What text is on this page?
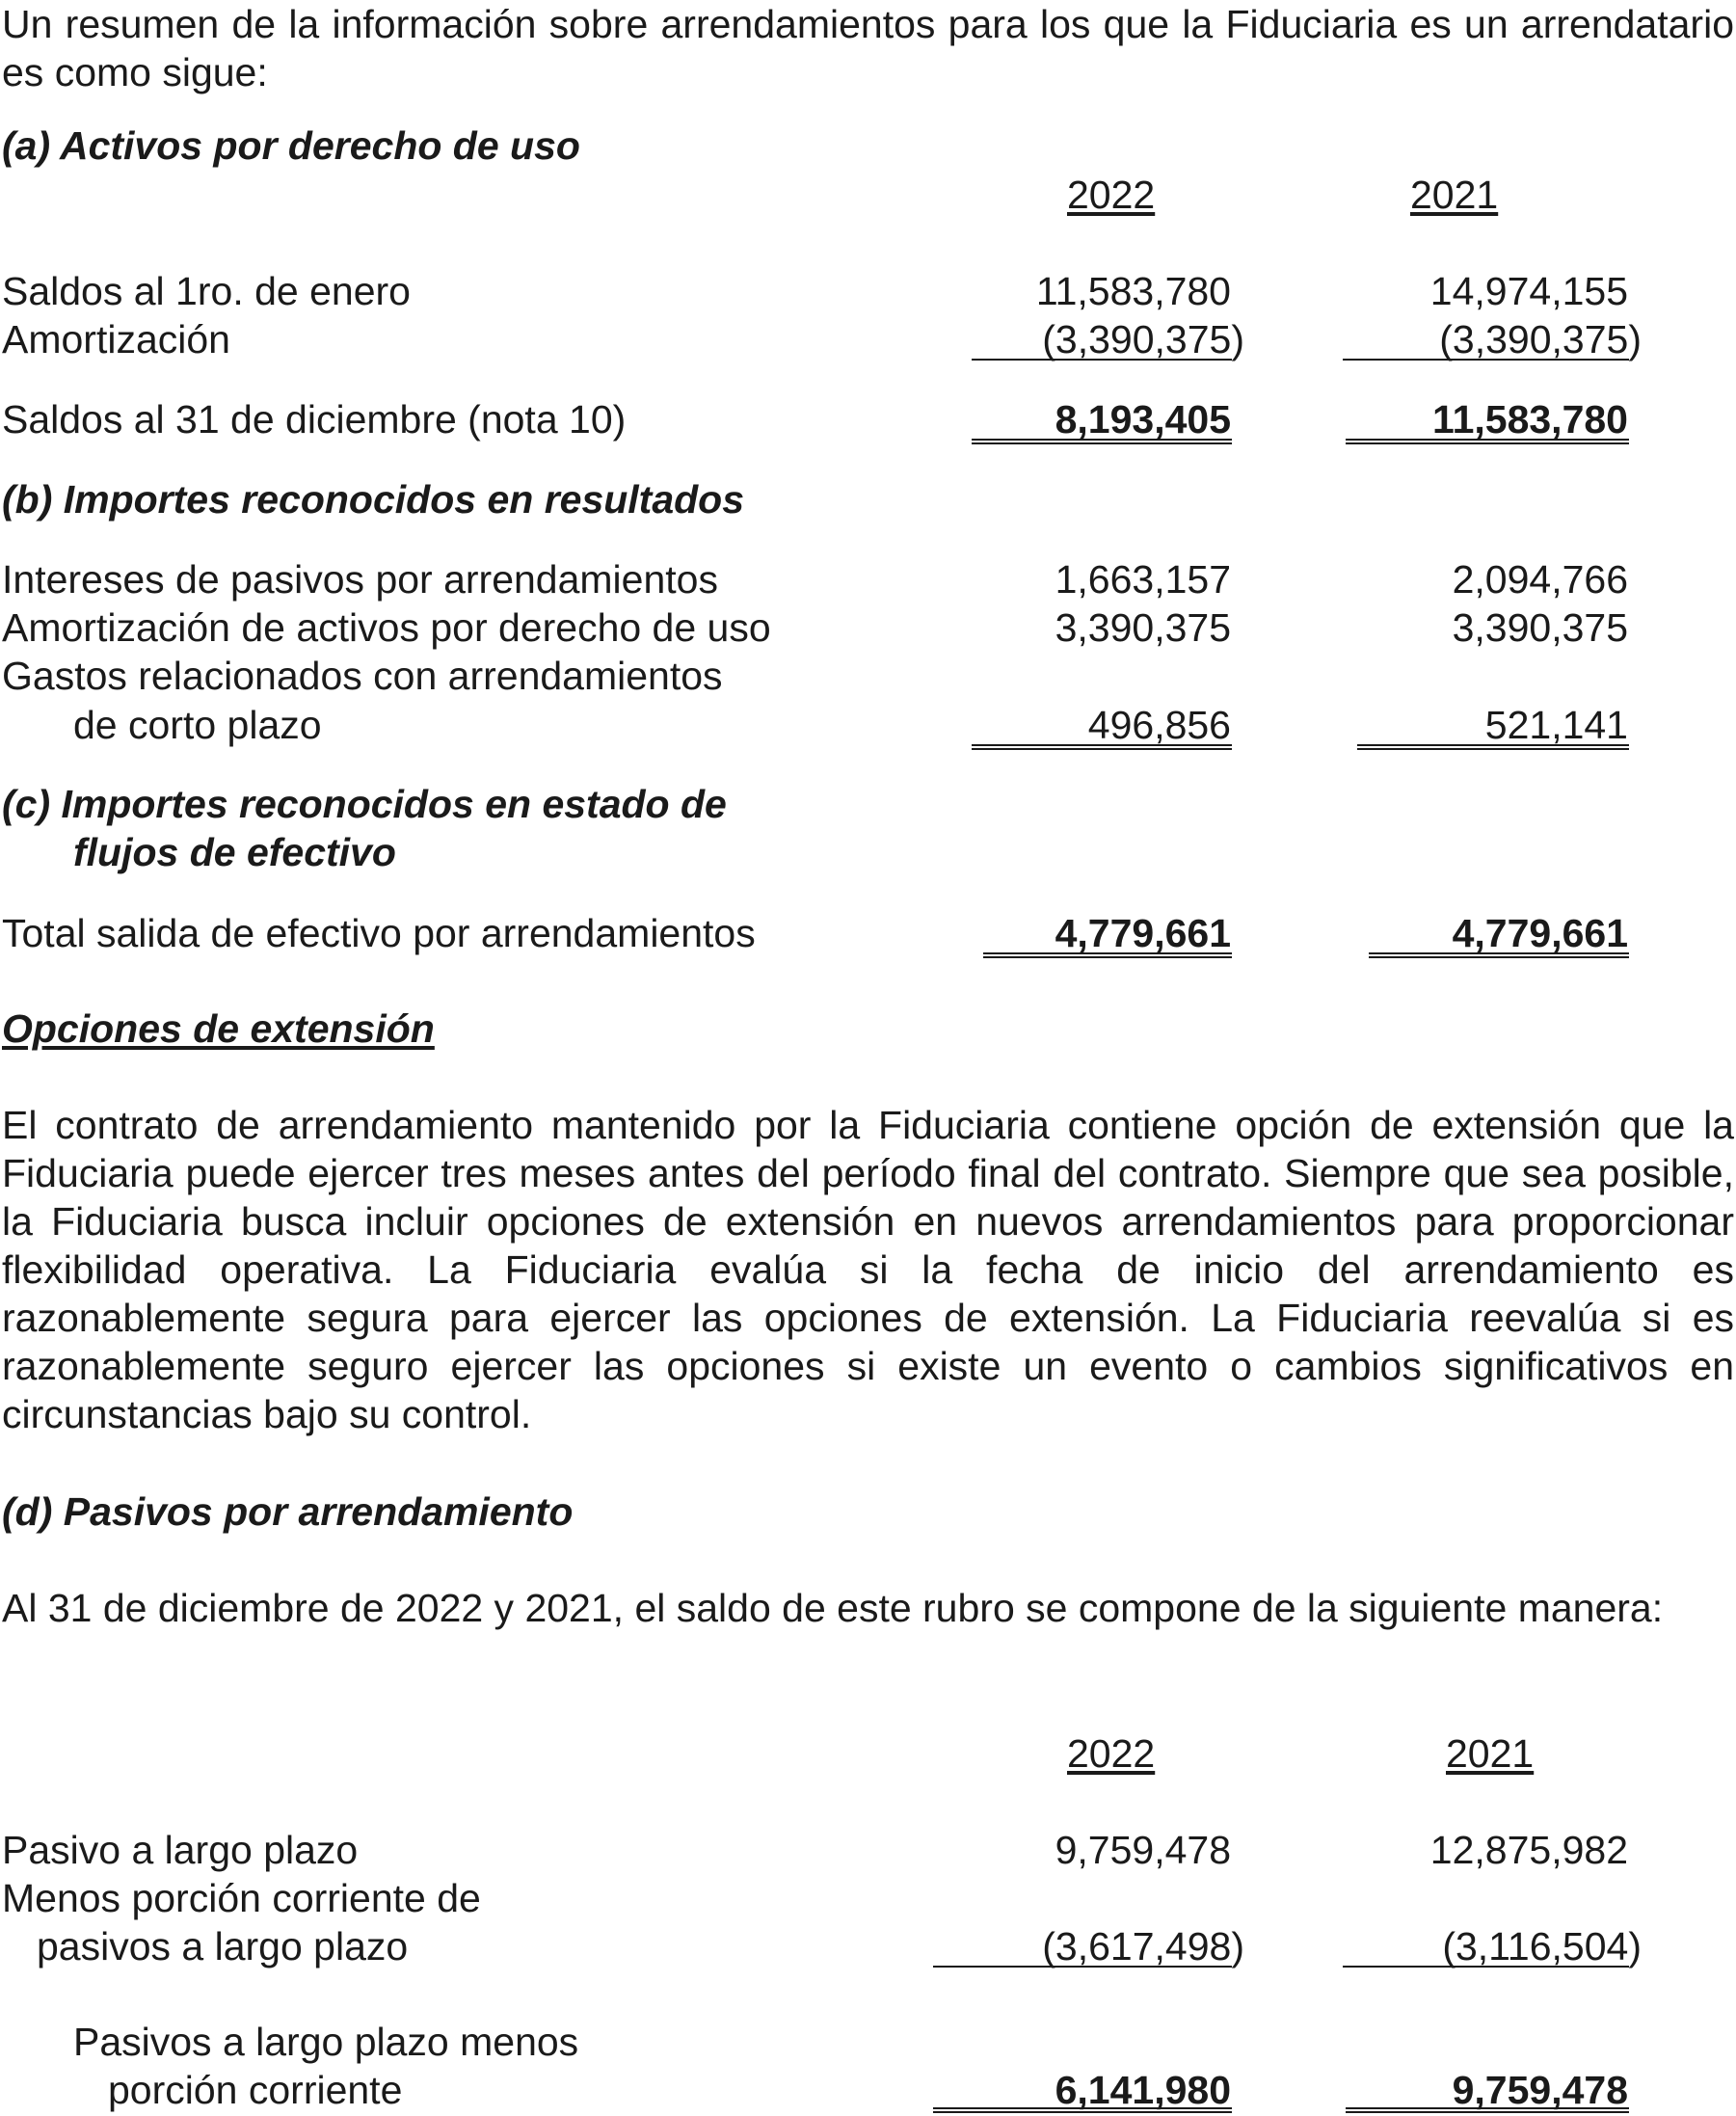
Un resumen de la información sobre arrendamientos para los que la Fiduciaria es un arrendatario es como sigue:
(a) Activos por derecho de uso
2022	2021
Saldos al 1ro. de enero	11,583,780	14,974,155
Amortización	(3,390,375)	(3,390,375)
Saldos al 31 de diciembre (nota 10)	8,193,405	11,583,780
(b) Importes reconocidos en resultados
Intereses de pasivos por arrendamientos	1,663,157	2,094,766
Amortización de activos por derecho de uso	3,390,375	3,390,375
Gastos relacionados con arrendamientos
de corto plazo	496,856	521,141
(c) Importes reconocidos en estado de
flujos de efectivo
Total salida de efectivo por arrendamientos	4,779,661	4,779,661
Opciones de extensión
El contrato de arrendamiento mantenido por la Fiduciaria contiene opción de extensión que la Fiduciaria puede ejercer tres meses antes del período final del contrato. Siempre que sea posible, la Fiduciaria busca incluir opciones de extensión en nuevos arrendamientos para proporcionar flexibilidad operativa. La Fiduciaria evalúa si la fecha de inicio del arrendamiento es razonablemente segura para ejercer las opciones de extensión. La Fiduciaria reevalúa si es razonablemente seguro ejercer las opciones si existe un evento o cambios significativos en circunstancias bajo su control.
(d) Pasivos por arrendamiento
Al 31 de diciembre de 2022 y 2021, el saldo de este rubro se compone de la siguiente manera:
2022	2021
Pasivo a largo plazo	9,759,478	12,875,982
Menos porción corriente de
pasivos a largo plazo	(3,617,498)	(3,116,504)
Pasivos a largo plazo menos
porción corriente	6,141,980	9,759,478
